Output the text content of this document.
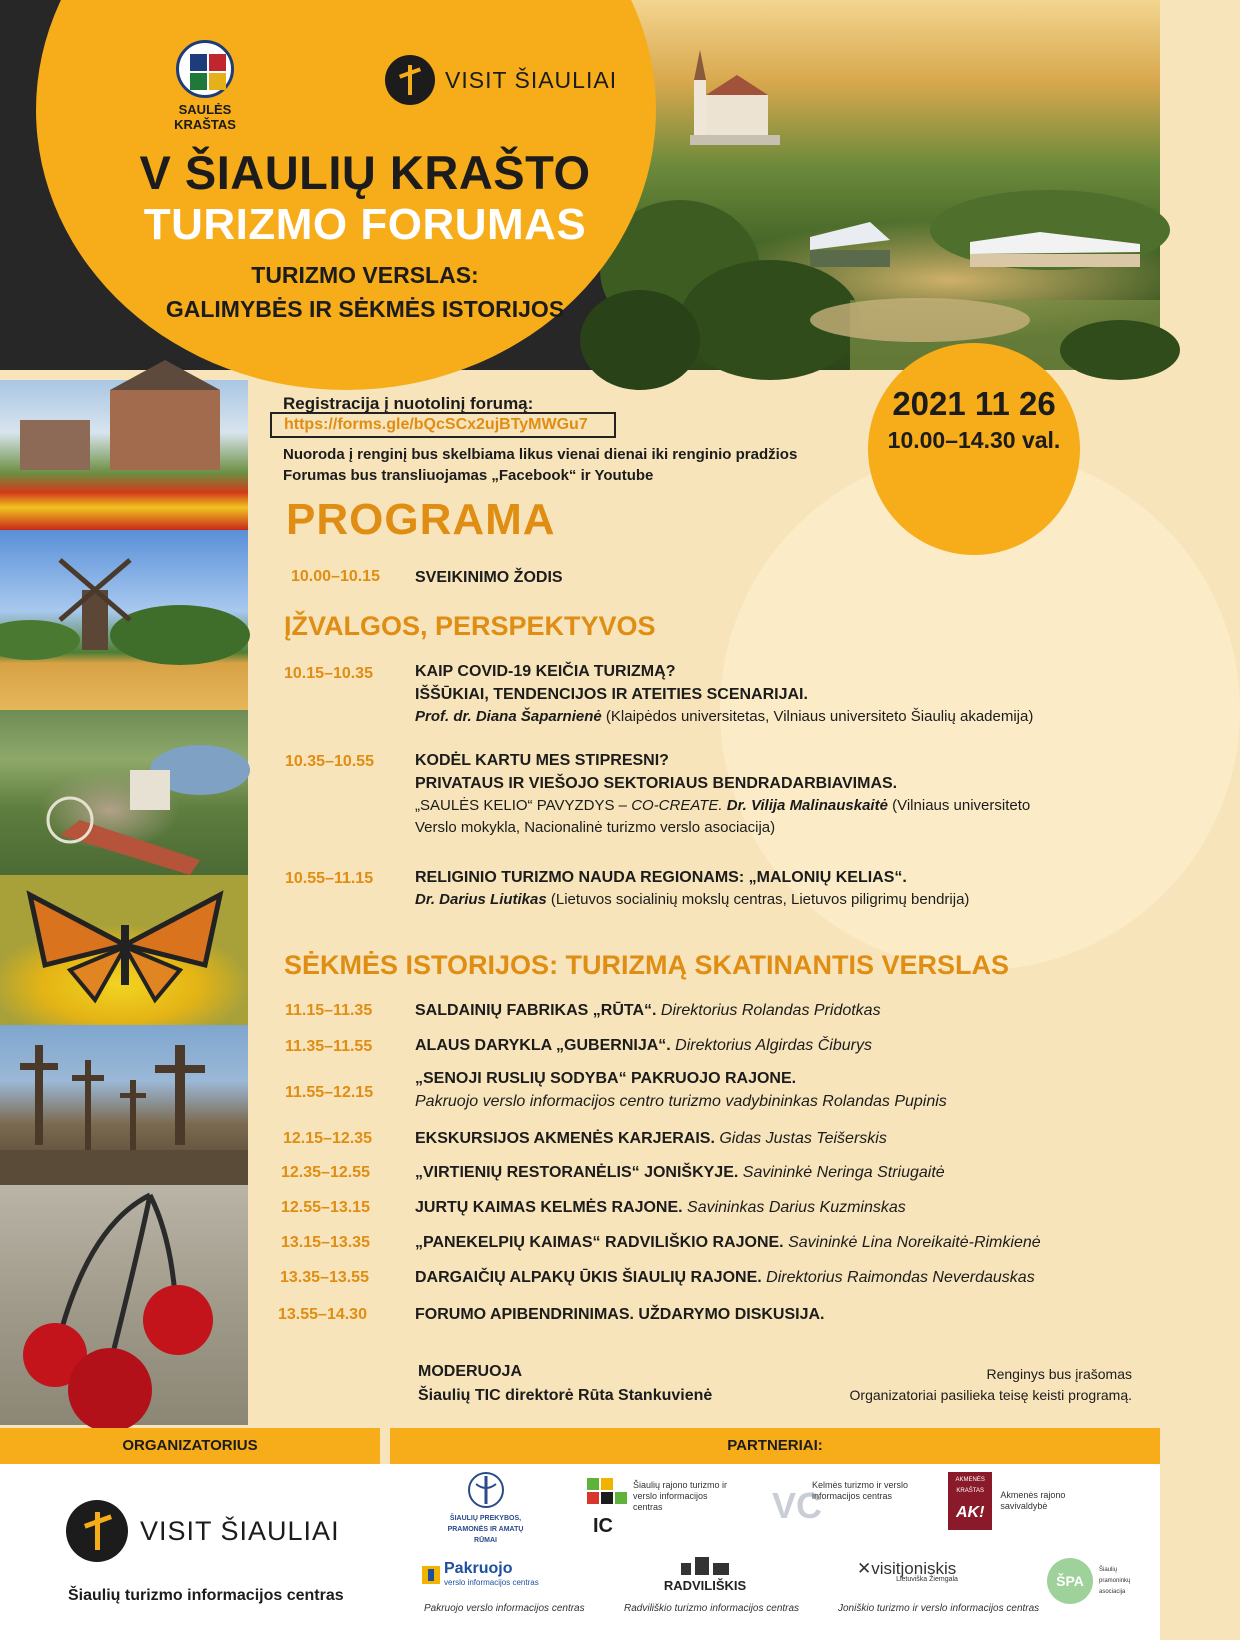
SAULĖS KRAŠTAS
VISIT ŠIAULIAI
V ŠIAULIŲ KRAŠTO
TURIZMO FORUMAS
TURIZMO VERSLAS:
GALIMYBĖS IR SĖKMĖS ISTORIJOS
2021 11 26
10.00–14.30 val.
Registracija į nuotolinį forumą:
https://forms.gle/bQcSCx2ujBTyMWGu7
Nuoroda į renginį bus skelbiama likus vienai dienai iki renginio pradžios
Forumas bus transliuojamas „Facebook“ ir Youtube
PROGRAMA
10.00–10.15	SVEIKINIMO ŽODIS
ĮŽVALGOS, PERSPEKTYVOS
10.15–10.35	KAIP COVID-19 KEIČIA TURIZMĄ?
IŠŠŪKIAI, TENDENCIJOS IR ATEITIES SCENARIJAI.
Prof. dr. Diana Šaparnienė (Klaipėdos universitetas, Vilniaus universiteto Šiaulių akademija)
10.35–10.55	KODĖL KARTU MES STIPRESNI?
PRIVATAUS IR VIEŠOJO SEKTORIAUS BENDRADARBIAVIMAS.
„SAULĖS KELIO“ PAVYZDYS – CO-CREATE. Dr. Vilija Malinauskaitė (Vilniaus universiteto
Verslo mokykla, Nacionalinė turizmo verslo asociacija)
10.55–11.15	RELIGINIO TURIZMO NAUDA REGIONAMS: „MALONIŲ KELIAS“.
Dr. Darius Liutikas (Lietuvos socialinių mokslų centras, Lietuvos piligrimų bendrija)
SĖKMĖS ISTORIJOS: TURIZMĄ SKATINANTIS VERSLAS
11.15–11.35	SALDAINIŲ FABRIKAS „RŪTA“. Direktorius Rolandas Pridotkas
11.35–11.55	ALAUS DARYKLA „GUBERNIJA“. Direktorius Algirdas Čiburys
11.55–12.15
„SENOJI RUSLIŲ SODYBA“ PAKRUOJO RAJONE.
Pakruojo verslo informacijos centro turizmo vadybininkas Rolandas Pupinis
12.15–12.35	EKSKURSIJOS AKMENĖS KARJERAIS. Gidas Justas Teišerskis
12.35–12.55	„VIRTIENIŲ RESTORANĖLIS“ JONIŠKYJE. Savininkė Neringa Striugaitė
12.55–13.15	JURTŲ KAIMAS KELMĖS RAJONE. Savininkas Darius Kuzminskas
13.15–13.35	„PANEKELPIŲ KAIMAS“ RADVILIŠKIO RAJONE. Savininkė Lina Noreikaitė-Rimkienė
13.35–13.55	DARGAIČIŲ ALPAKŲ ŪKIS ŠIAULIŲ RAJONE. Direktorius Raimondas Neverdauskas
13.55–14.30	FORUMO APIBENDRINIMAS. UŽDARYMO DISKUSIJA.
MODERUOJA
Šiaulių TIC direktorė Rūta Stankuvienė
Renginys bus įrašomas
Organizatoriai pasilieka teisę keisti programą.
ORGANIZATORIUS	PARTNERIAI:
VISIT ŠIAULIAI
Šiaulių turizmo informacijos centras
ŠIAULIŲ PREKYBOS, PRAMONĖS IR AMATŲ RŪMAI
IC
Šiaulių rajono turizmo ir verslo informacijos centras	VC
Kelmės turizmo ir verslo informacijos centras
AKMENĖS KRAŠTAS
AK!
Akmenės rajono savivaldybė
Pakruojo
verslo informacijos centras
Pakruojo verslo informacijos centras
RADVILIŠKIS
Radviliškio turizmo informacijos centras
✕visitjoniskis
Lietuviška Žiemgala
Joniškio turizmo ir verslo informacijos centras
ŠPA
Šiaulių pramoninkų asociacija
